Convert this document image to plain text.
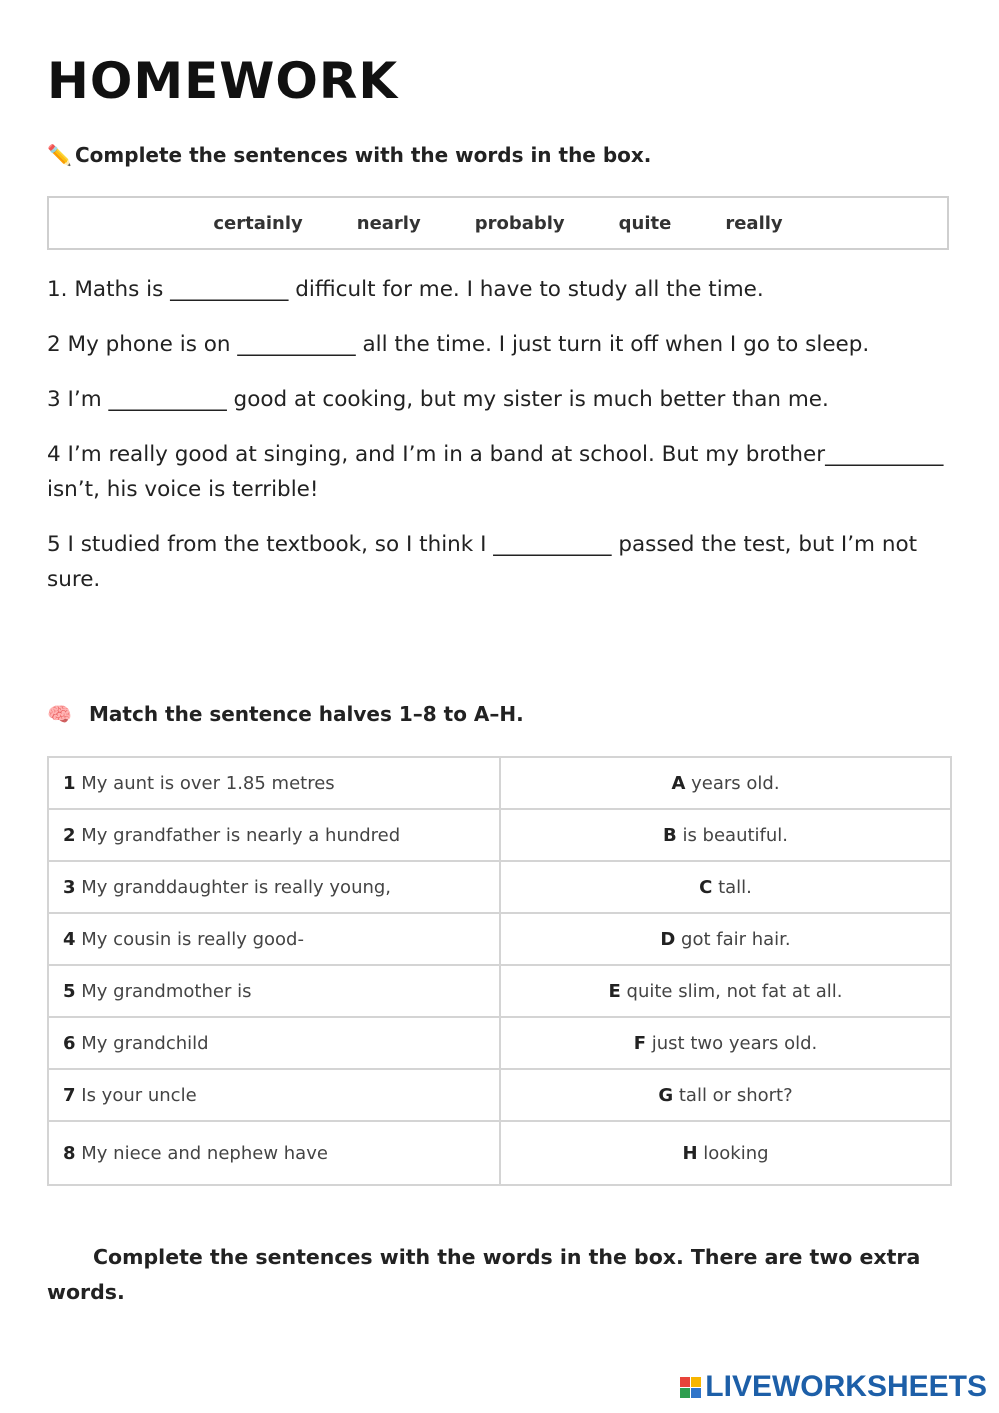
HOMEWORK
✏️ Complete the sentences with the words in the box.
certainly	nearly	probably	quite	really

1. Maths is ___________ difficult for me. I have to study all the time.

2 My phone is on ___________ all the time. I just turn it off when I go to sleep.

3 I’m ___________ good at cooking, but my sister is much better than me.

4 I’m really good at singing, and I’m in a band at school. But my brother___________ isn’t, his voice is terrible!

5 I studied from the textbook, so I think I ___________ passed the test, but I’m not sure.

🧠 Match the sentence halves 1–8 to A–H.
1 My aunt is over 1.85 metres	A years old.
2 My grandfather is nearly a hundred	B is beautiful.
3 My granddaughter is really young,	C tall.
4 My cousin is really good-	D got fair hair.
5 My grandmother is	E quite slim, not fat at all.
6 My grandchild	F just two years old.
7 Is your uncle	G tall or short?
8 My niece and nephew have	H looking
Complete the sentences with the words in the box. There are two extra words.
LIVEWORKSHEETS
